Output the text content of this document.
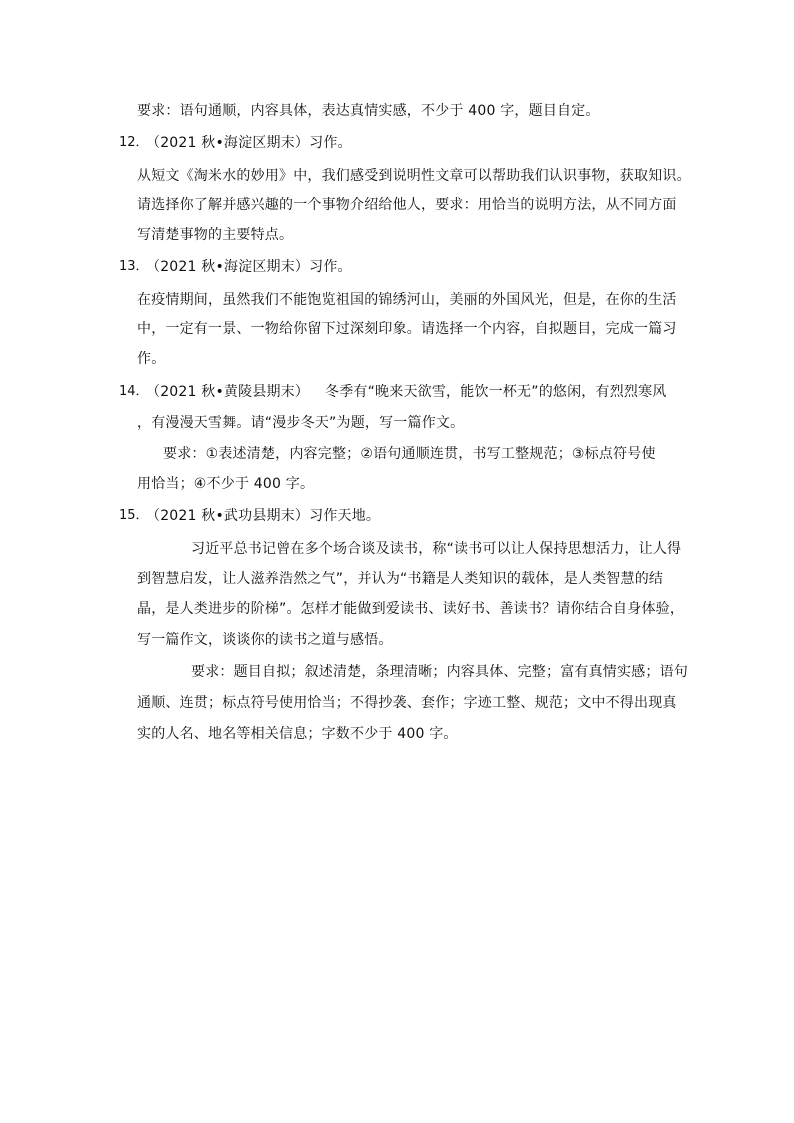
要求：语句通顺，内容具体，表达真情实感，不少于 400 字，题目自定。
12．
（2021 秋•海淀区期末）习作。
从短文《淘米水的妙用》中，我们感受到说明性文章可以帮助我们认识事物，获取知识。
请选择你了解并感兴趣的一个事物介绍给他人，要求：用恰当的说明方法，从不同方面
写清楚事物的主要特点。
13．
（2021 秋•海淀区期末）习作。
在疫情期间，虽然我们不能饱览祖国的锦绣河山，美丽的外国风光，但是，在你的生活
中，一定有一景、一物给你留下过深刻印象。请选择一个内容，自拟题目，完成一篇习
作。
14．
（2021 秋•黄陵县期末） 冬季有“晚来天欲雪，能饮一杯无”的悠闲，有烈烈寒风
，有漫漫天雪舞。请“漫步冬天”为题，写一篇作文。
要求：①表述清楚，内容完整；②语句通顺连贯，书写工整规范；③标点符号使
用恰当；④不少于 400 字。
15．
（2021 秋•武功县期末）习作天地。
习近平总书记曾在多个场合谈及读书，称“读书可以让人保持思想活力，让人得
到智慧启发，让人滋养浩然之气”，并认为“书籍是人类知识的载体，是人类智慧的结
晶，是人类进步的阶梯”。怎样才能做到爱读书、读好书、善读书？请你结合自身体验，
写一篇作文，谈谈你的读书之道与感悟。
要求：题目自拟；叙述清楚，条理清晰；内容具体、完整；富有真情实感；语句
通顺、连贯；标点符号使用恰当；不得抄袭、套作；字迹工整、规范；文中不得出现真
实的人名、地名等相关信息；字数不少于 400 字。
